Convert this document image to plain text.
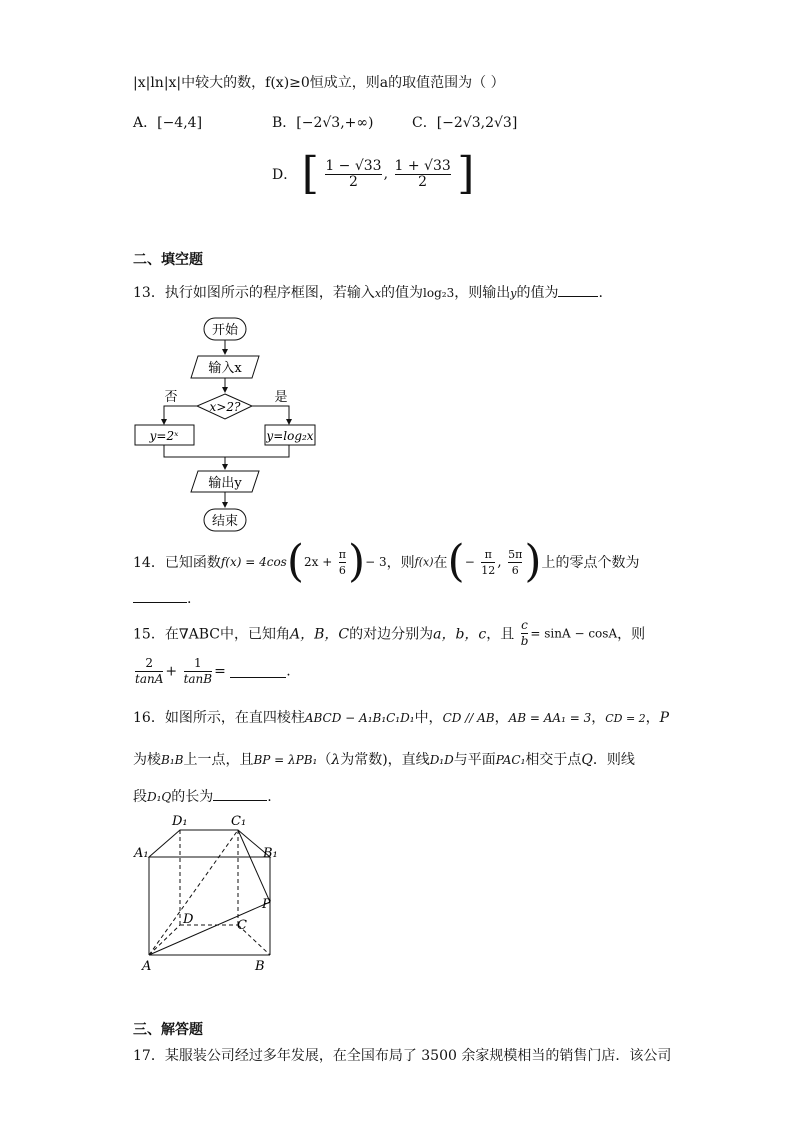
|x|ln|x|中较大的数，f(x)≥0恒成立，则a的取值范围为（ ）
A．[−4,4]	B．[−2√3,+∞)	C．[−2√3,2√3]
D． [ $\frac{1 - √33}{2}$ , $\frac{1 + √33}{2}$ ]
二、填空题
13．执行如图所示的程序框图，若输入x的值为log₂3，则输出y的值为	.
开始
输入x
x>2?
否	是
y=2ˣ	y=log₂x
输出y
结束
14．已知函数$f(x) = 4\cos(2x + \frac{\pi}{6}$ )− 3，则f(x)在(− $\frac{\pi}{12}$ , $\frac{5\pi}{6}$ )上的零点个数为
.
15．在∇ABC中，已知角A，B，C的对边分别为a，b，c，且 $\frac{c}{b} = \sin A - \cos A$，则
$\frac{2}{\tan A} + \frac{1}{\tan B}$ =	.
16．如图所示，在直四棱柱ABCD − A₁B₁C₁D₁中，CD // AB，AB = AA₁ = 3，CD = 2，P
为棱B₁B上一点，且BP = λPB₁（λ为常数)，直线D₁D与平面PAC₁相交于点Q．则线
段D₁Q的长为	.
D₁	C₁
A₁	B₁
D	C
P
A	B
三、解答题
17．某服装公司经过多年发展，在全国布局了 3500 余家规模相当的销售门店．该公司
